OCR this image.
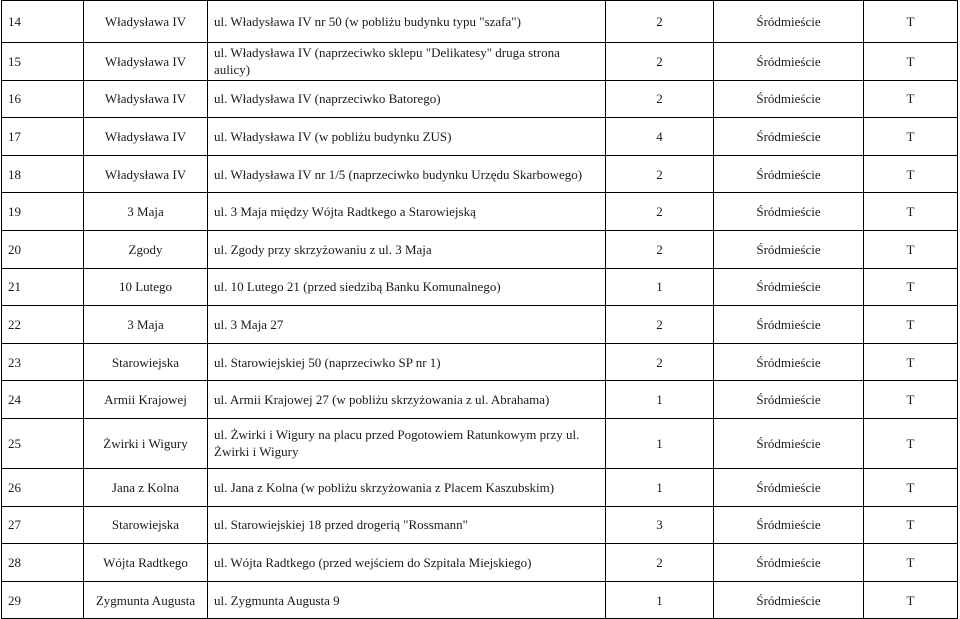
14	Władysława IV	ul. Władysława IV nr 50 (w pobliżu budynku typu "szafa")	2	Śródmieście	T
15	Władysława IV	ul. Władysława IV (naprzeciwko sklepu "Delikatesy" druga strona aulicy)	2	Śródmieście	T
16	Władysława IV	ul. Władysława IV (naprzeciwko Batorego)	2	Śródmieście	T
17	Władysława IV	ul. Władysława IV (w pobliżu budynku ZUS)	4	Śródmieście	T
18	Władysława IV	ul. Władysława IV nr 1/5 (naprzeciwko budynku Urzędu Skarbowego)	2	Śródmieście	T
19	3 Maja	ul. 3 Maja między Wójta Radtkego a Starowiejską	2	Śródmieście	T
20	Zgody	ul. Zgody przy skrzyżowaniu z ul. 3 Maja	2	Śródmieście	T
21	10 Lutego	ul. 10 Lutego 21 (przed siedzibą Banku Komunalnego)	1	Śródmieście	T
22	3 Maja	ul. 3 Maja 27	2	Śródmieście	T
23	Starowiejska	ul. Starowiejskiej 50 (naprzeciwko SP nr 1)	2	Śródmieście	T
24	Armii Krajowej	ul. Armii Krajowej 27 (w pobliżu skrzyżowania z ul. Abrahama)	1	Śródmieście	T
25	Żwirki i Wigury	ul. Żwirki i Wigury na placu przed Pogotowiem Ratunkowym przy ul. Żwirki i Wigury	1	Śródmieście	T
26	Jana z Kolna	ul. Jana z Kolna (w pobliżu skrzyżowania z Placem Kaszubskim)	1	Śródmieście	T
27	Starowiejska	ul. Starowiejskiej 18 przed drogerią "Rossmann"	3	Śródmieście	T
28	Wójta Radtkego	ul. Wójta Radtkego (przed wejściem do Szpitala Miejskiego)	2	Śródmieście	T
29	Zygmunta Augusta	ul. Zygmunta Augusta 9	1	Śródmieście	T
